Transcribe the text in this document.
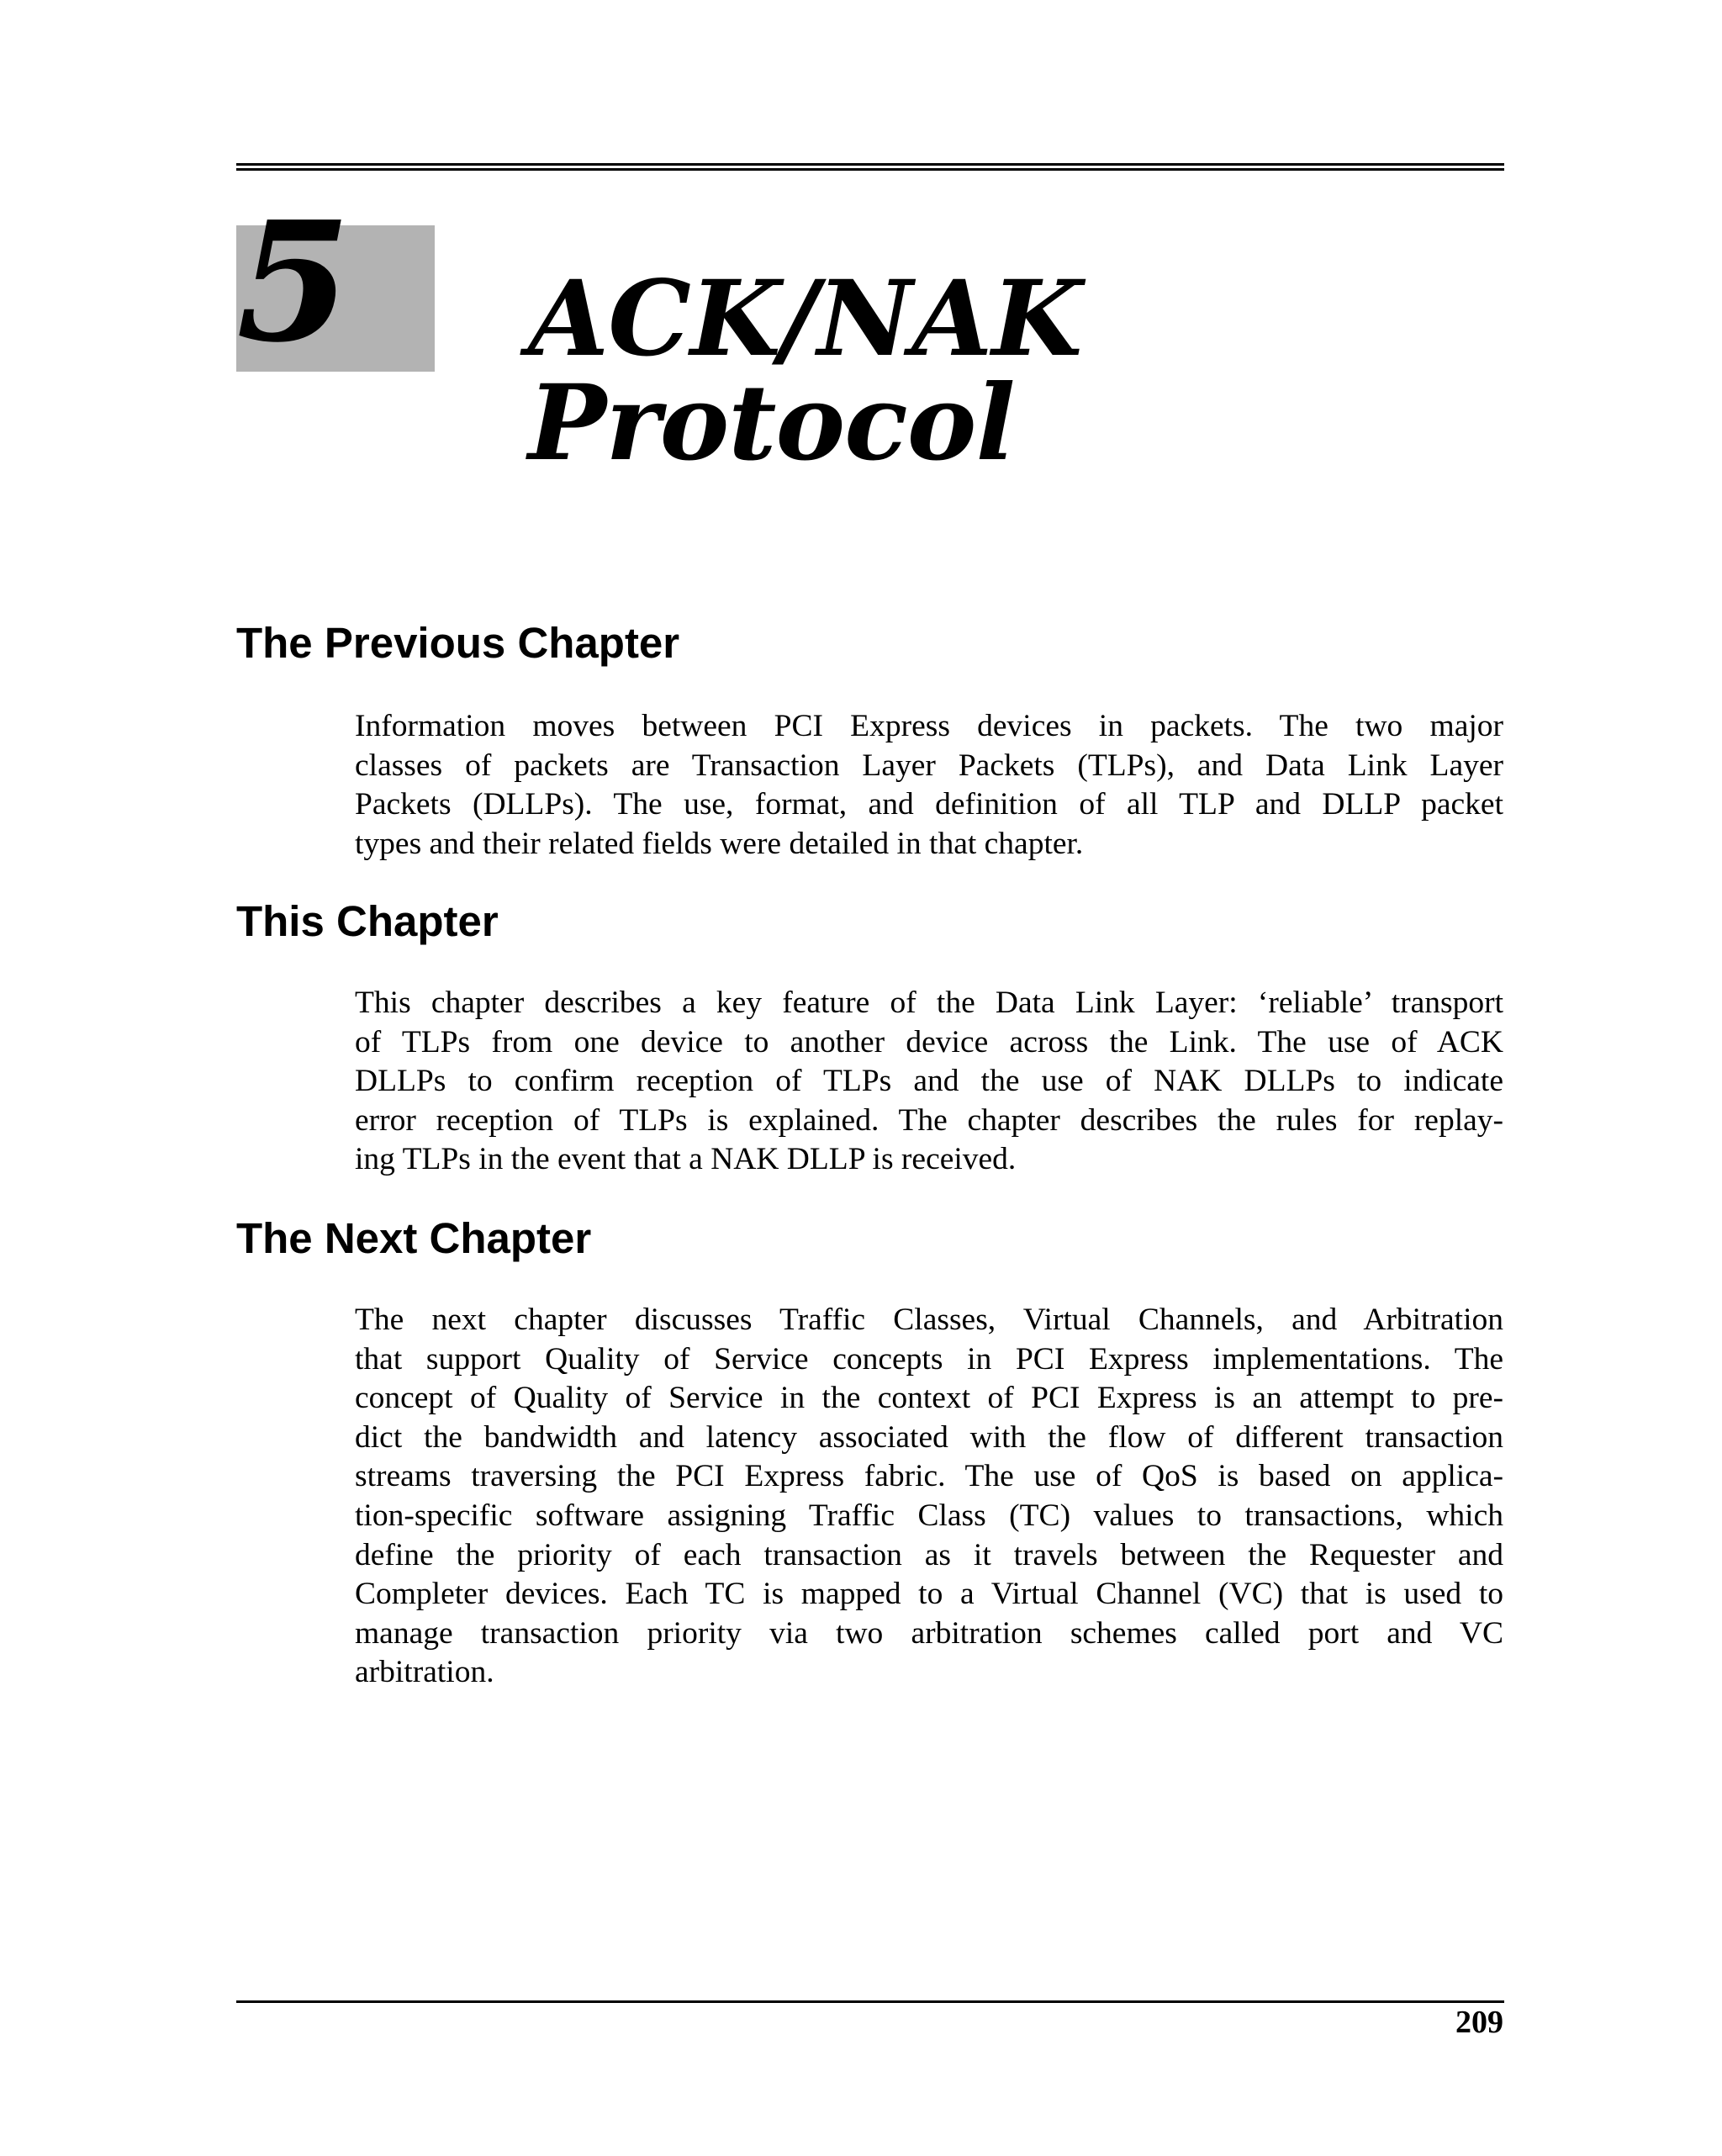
5 ACK/NAK
Protocol
The Previous Chapter
Information moves between PCI Express devices in packets. The two major
classes of packets are Transaction Layer Packets (TLPs), and Data Link Layer
Packets (DLLPs). The use, format, and definition of all TLP and DLLP packet
types and their related fields were detailed in that chapter.
This Chapter
This chapter describes a key feature of the Data Link Layer: ‘reliable’ transport
of TLPs from one device to another device across the Link. The use of ACK
DLLPs to confirm reception of TLPs and the use of NAK DLLPs to indicate
error reception of TLPs is explained. The chapter describes the rules for replay-
ing TLPs in the event that a NAK DLLP is received.
The Next Chapter
The next chapter discusses Traffic Classes, Virtual Channels, and Arbitration
that support Quality of Service concepts in PCI Express implementations. The
concept of Quality of Service in the context of PCI Express is an attempt to pre-
dict the bandwidth and latency associated with the flow of different transaction
streams traversing the PCI Express fabric. The use of QoS is based on applica-
tion-specific software assigning Traffic Class (TC) values to transactions, which
define the priority of each transaction as it travels between the Requester and
Completer devices. Each TC is mapped to a Virtual Channel (VC) that is used to
manage transaction priority via two arbitration schemes called port and VC
arbitration.
209
